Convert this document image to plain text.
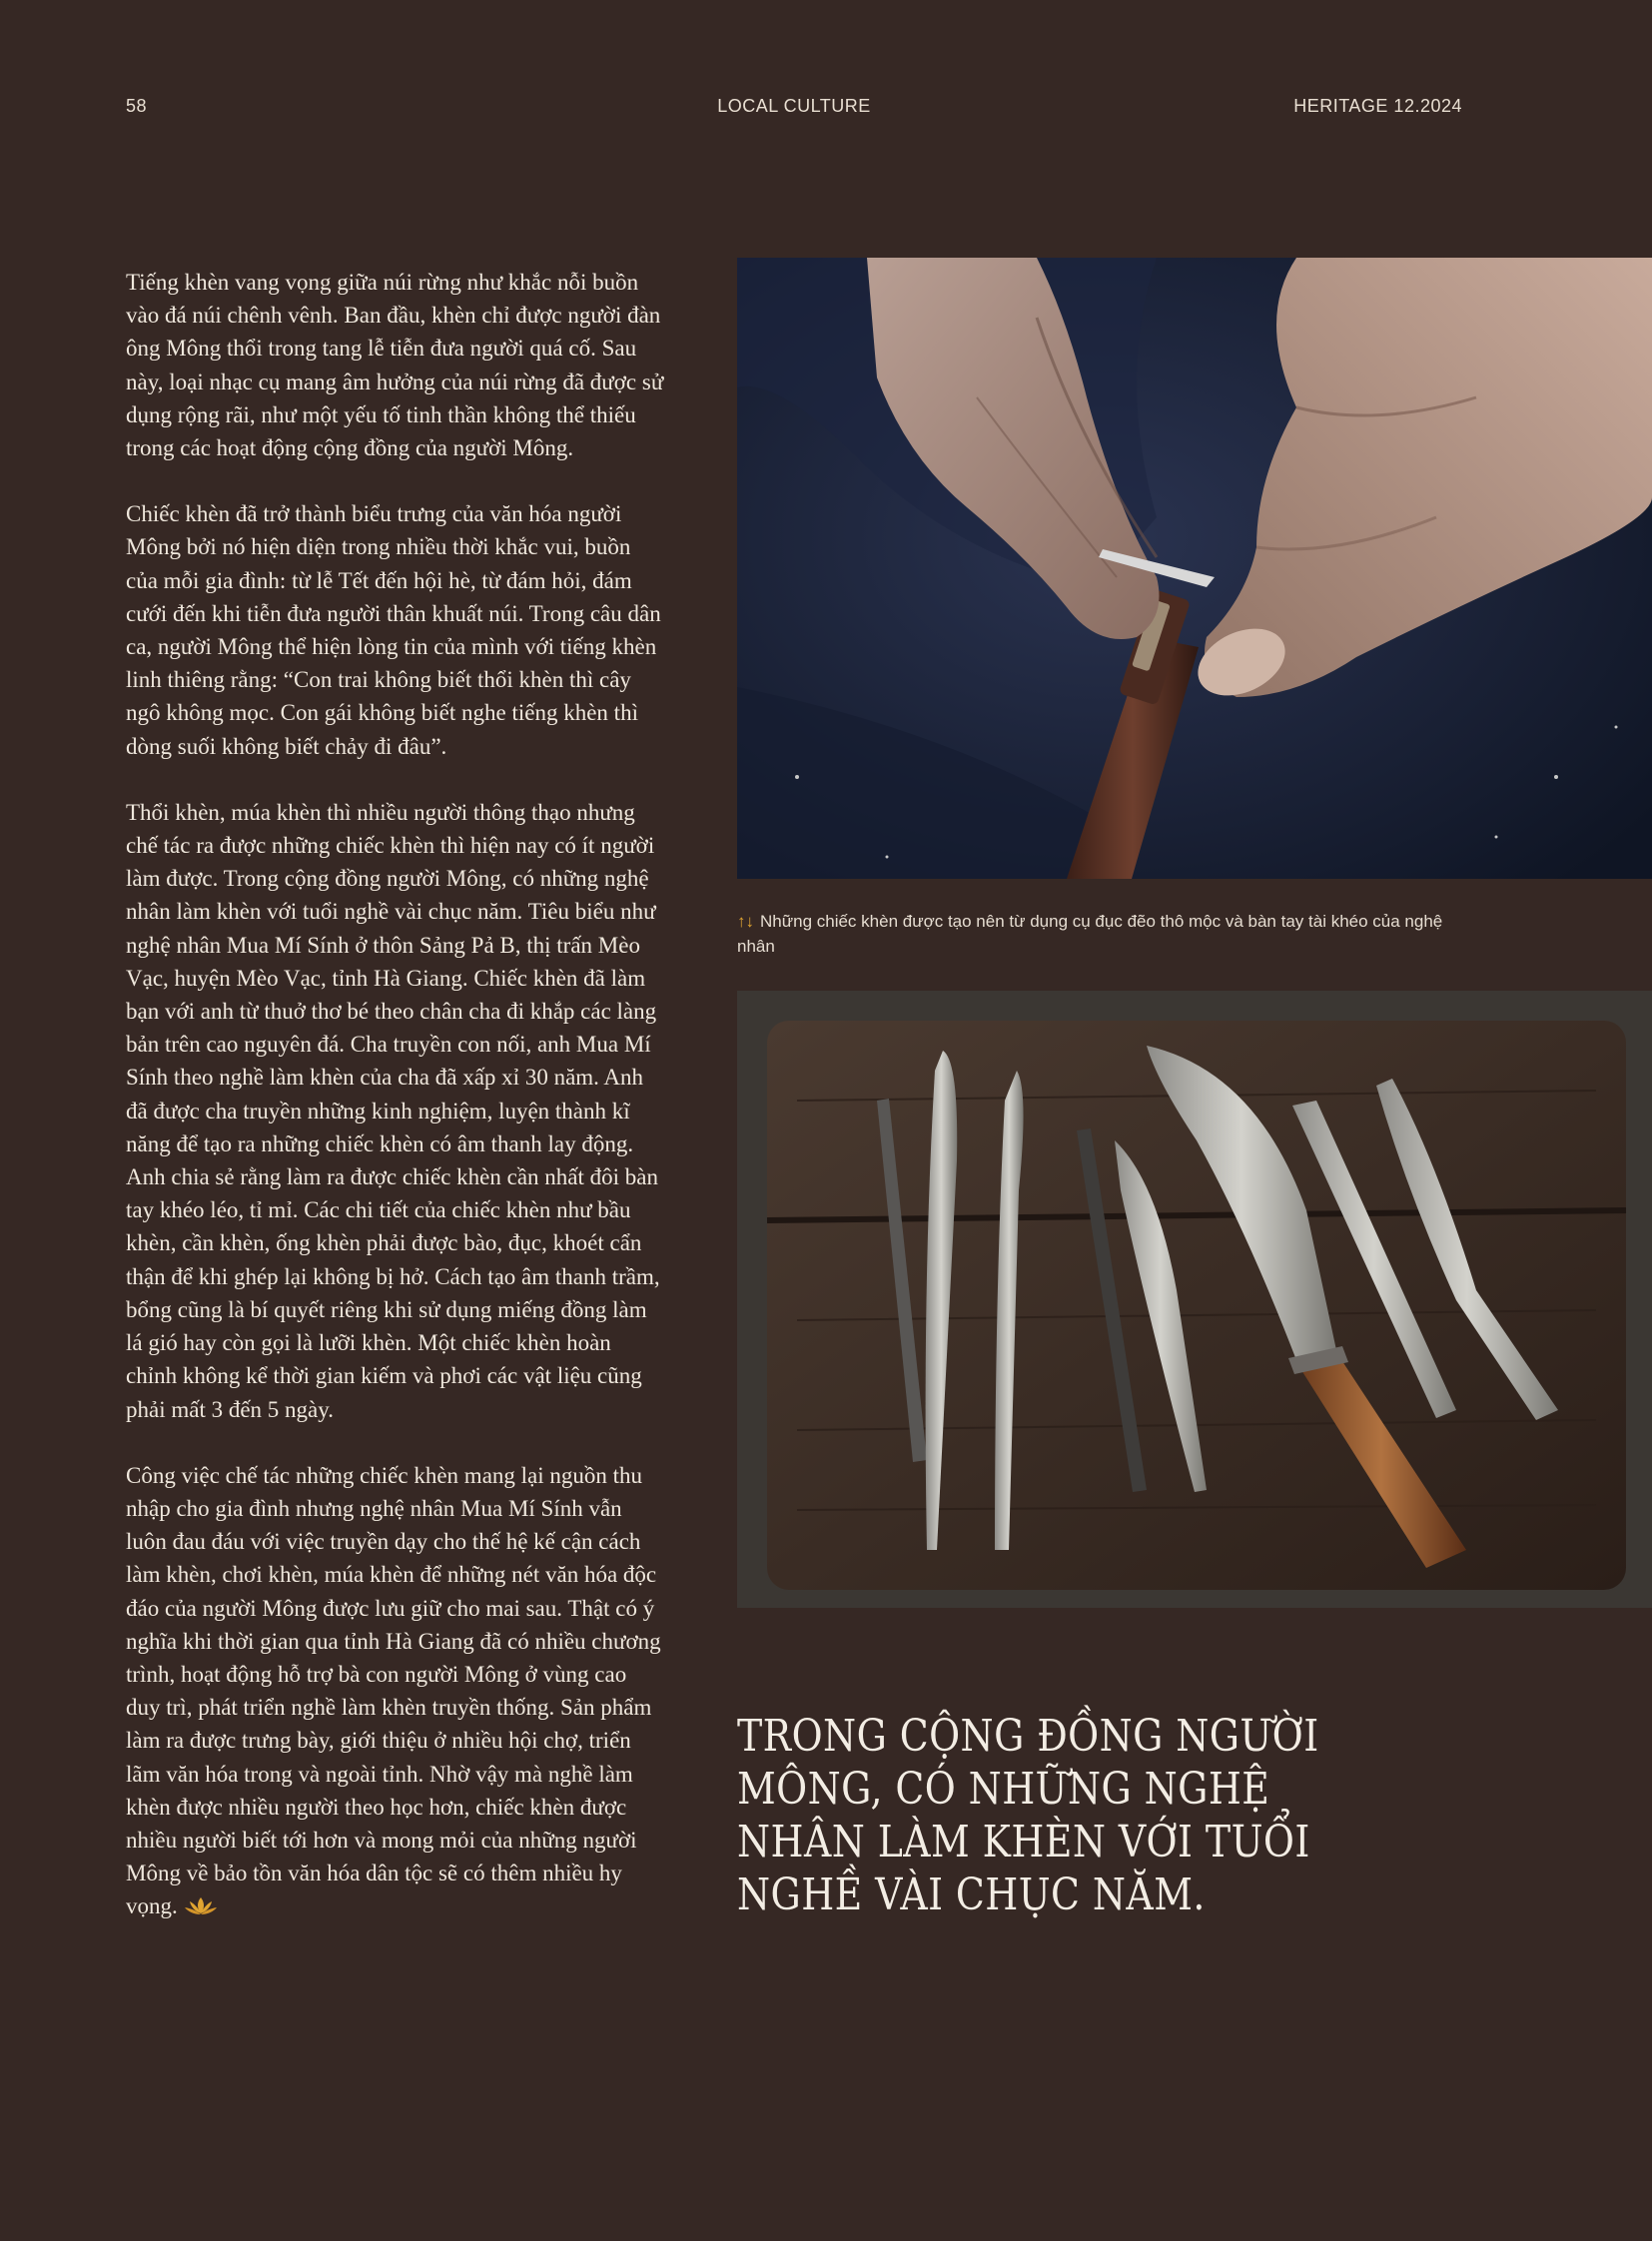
58	LOCAL CULTURE	HERITAGE 12.2024

Tiếng khèn vang vọng giữa núi rừng như khắc nỗi buồn vào đá núi chênh vênh. Ban đầu, khèn chỉ được người đàn ông Mông thổi trong tang lễ tiễn đưa người quá cố. Sau này, loại nhạc cụ mang âm hưởng của núi rừng đã được sử dụng rộng rãi, như một yếu tố tinh thần không thể thiếu trong các hoạt động cộng đồng của người Mông.

Chiếc khèn đã trở thành biểu trưng của văn hóa người Mông bởi nó hiện diện trong nhiều thời khắc vui, buồn của mỗi gia đình: từ lễ Tết đến hội hè, từ đám hỏi, đám cưới đến khi tiễn đưa người thân khuất núi. Trong câu dân ca, người Mông thể hiện lòng tin của mình với tiếng khèn linh thiêng rằng: “Con trai không biết thổi khèn thì cây ngô không mọc. Con gái không biết nghe tiếng khèn thì dòng suối không biết chảy đi đâu”.

Thổi khèn, múa khèn thì nhiều người thông thạo nhưng chế tác ra được những chiếc khèn thì hiện nay có ít người làm được. Trong cộng đồng người Mông, có những nghệ nhân làm khèn với tuổi nghề vài chục năm. Tiêu biểu như nghệ nhân Mua Mí Sính ở thôn Sảng Pả B, thị trấn Mèo Vạc, huyện Mèo Vạc, tỉnh Hà Giang. Chiếc khèn đã làm bạn với anh từ thuở thơ bé theo chân cha đi khắp các làng bản trên cao nguyên đá. Cha truyền con nối, anh Mua Mí Sính theo nghề làm khèn của cha đã xấp xỉ 30 năm. Anh đã được cha truyền những kinh nghiệm, luyện thành kĩ năng để tạo ra những chiếc khèn có âm thanh lay động. Anh chia sẻ rằng làm ra được chiếc khèn cần nhất đôi bàn tay khéo léo, tỉ mỉ. Các chi tiết của chiếc khèn như bầu khèn, cần khèn, ống khèn phải được bào, đục, khoét cẩn thận để khi ghép lại không bị hở. Cách tạo âm thanh trầm, bổng cũng là bí quyết riêng khi sử dụng miếng đồng làm lá gió hay còn gọi là lưỡi khèn. Một chiếc khèn hoàn chỉnh không kể thời gian kiếm và phơi các vật liệu cũng phải mất 3 đến 5 ngày.

Công việc chế tác những chiếc khèn mang lại nguồn thu nhập cho gia đình nhưng nghệ nhân Mua Mí Sính vẫn luôn đau đáu với việc truyền dạy cho thế hệ kế cận cách làm khèn, chơi khèn, múa khèn để những nét văn hóa độc đáo của người Mông được lưu giữ cho mai sau. Thật có ý nghĩa khi thời gian qua tỉnh Hà Giang đã có nhiều chương trình, hoạt động hỗ trợ bà con người Mông ở vùng cao duy trì, phát triển nghề làm khèn truyền thống. Sản phẩm làm ra được trưng bày, giới thiệu ở nhiều hội chợ, triển lãm văn hóa trong và ngoài tỉnh. Nhờ vậy mà nghề làm khèn được nhiều người theo học hơn, chiếc khèn được nhiều người biết tới hơn và mong mỏi của những người Mông về bảo tồn văn hóa dân tộc sẽ có thêm nhiều hy vọng.

↑↓ Những chiếc khèn được tạo nên từ dụng cụ đục đẽo thô mộc và bàn tay tài khéo của nghệ nhân
TRONG CỘNG ĐỒNG NGƯỜI MÔNG, CÓ NHỮNG NGHỆ NHÂN LÀM KHÈN VỚI TUỔI NGHỀ VÀI CHỤC NĂM.
